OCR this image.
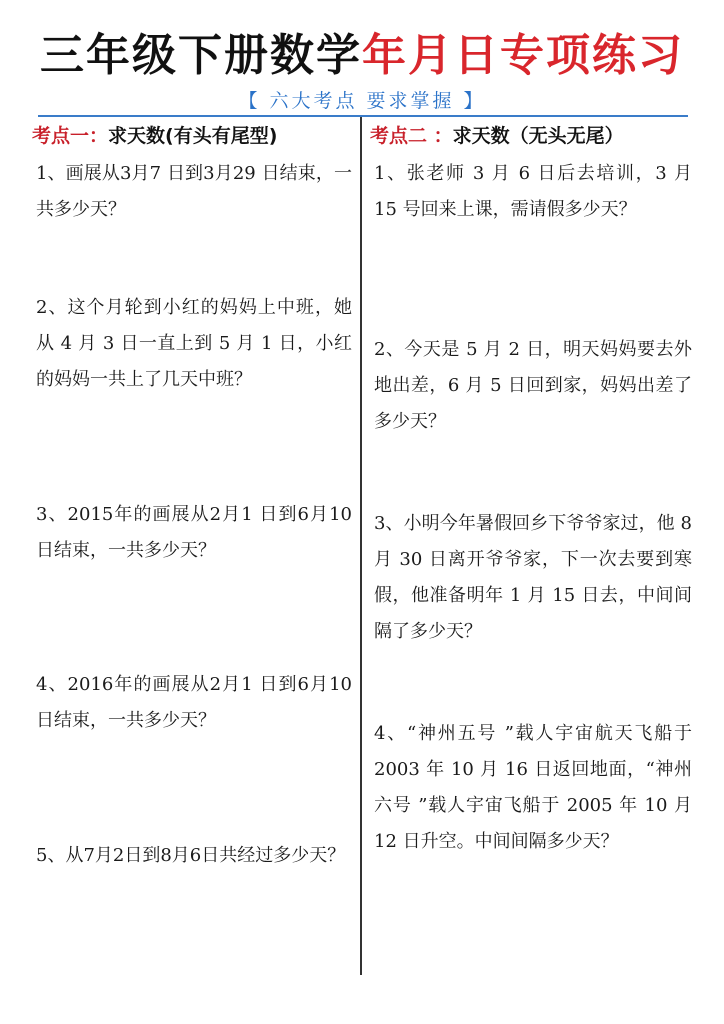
三年级下册数学年月日专项练习
【 六大考点 要求掌握 】
考点一：求天数(有头有尾型)
1、画展从3月7 日到3月29 日结束，一共多少天？
2、这个月轮到小红的妈妈上中班，她从 4 月 3 日一直上到 5 月 1 日，小红的妈妈一共上了几天中班？
3、2015年的画展从2月1 日到6月10 日结束，一共多少天？
4、2016年的画展从2月1 日到6月10 日结束，一共多少天？
5、从7月2日到8月6日共经过多少天？
考点二 ：求天数（无头无尾）
1、张老师 3 月 6 日后去培训，3 月 15 号回来上课，需请假多少天？
2、今天是 5 月 2 日，明天妈妈要去外地出差，6 月 5 日回到家，妈妈出差了多少天？
3、小明今年暑假回乡下爷爷家过，他 8 月 30 日离开爷爷家，下一次去要到寒假，他准备明年 1 月 15 日去，中间间隔了多少天？
4、“神州五号 ”载人宇宙航天飞船于 2003 年 10 月 16 日返回地面，“神州六号 ”载人宇宙飞船于 2005 年 10 月 12 日升空。中间间隔多少天？
